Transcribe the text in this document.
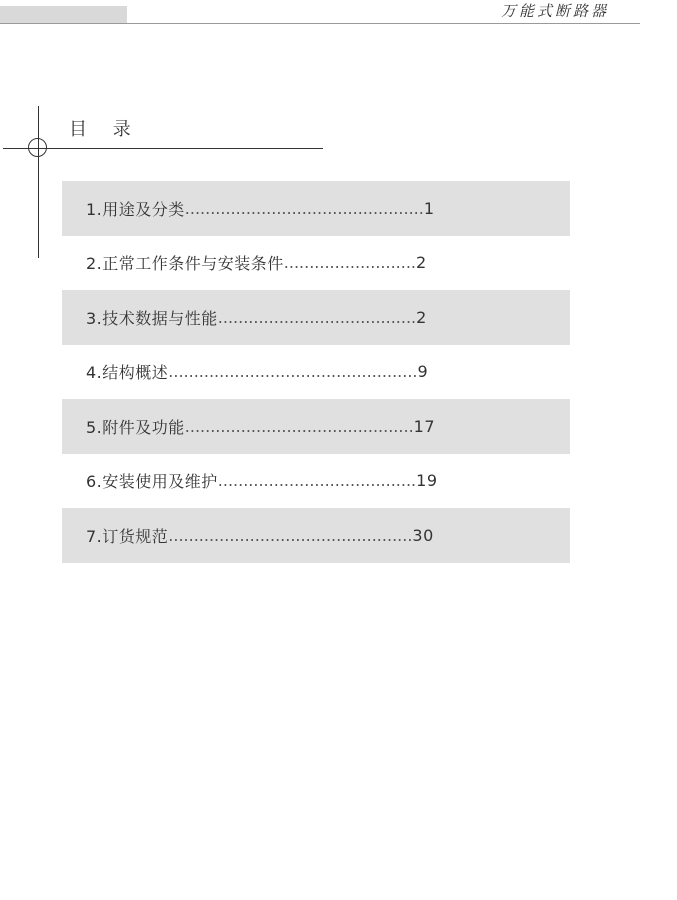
万能式断路器
目 录
1.用途及分类 ............................................... 1
2.正常工作条件与安装条件 .......................... 2
3.技术数据与性能 ....................................... 2
4.结构概述 ................................................. 9
5.附件及功能 ............................................. 17
6.安装使用及维护 ....................................... 19
7.订货规范 ................................................ 30
